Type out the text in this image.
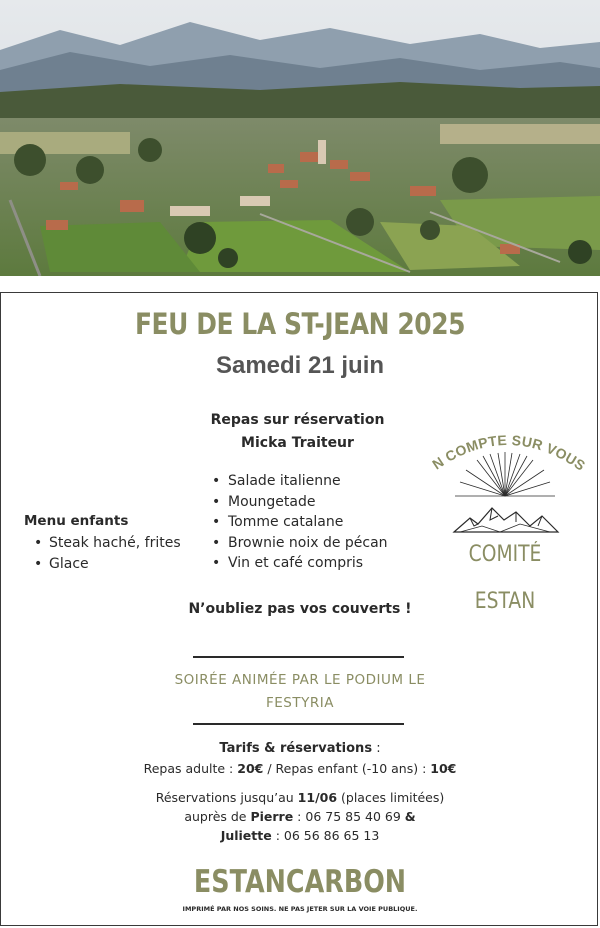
FEU DE LA ST-JEAN 2025
Samedi 21 juin
Repas sur réservation
Micka Traiteur
• Salade italienne
• Moungetade
• Tomme catalane
• Brownie noix de pécan
• Vin et café compris
Menu enfants
• Steak haché, frites
• Glace
N’oubliez pas vos couverts !
SOIRÉE ANIMÉE PAR LE PODIUM LE
FESTYRIA
Tarifs & réservations :
Repas adulte : 20€ / Repas enfant (-10 ans) : 10€
Réservations jusqu’au 11/06 (places limitées)
auprès de Pierre : 06 75 85 40 69 &
Juliette : 06 56 86 65 13
ESTANCARBON
IMPRIMÉ PAR NOS SOINS. NE PAS JETER SUR LA VOIE PUBLIQUE.
N COMPTE SUR VOUS
COMITÉ
ESTAN
